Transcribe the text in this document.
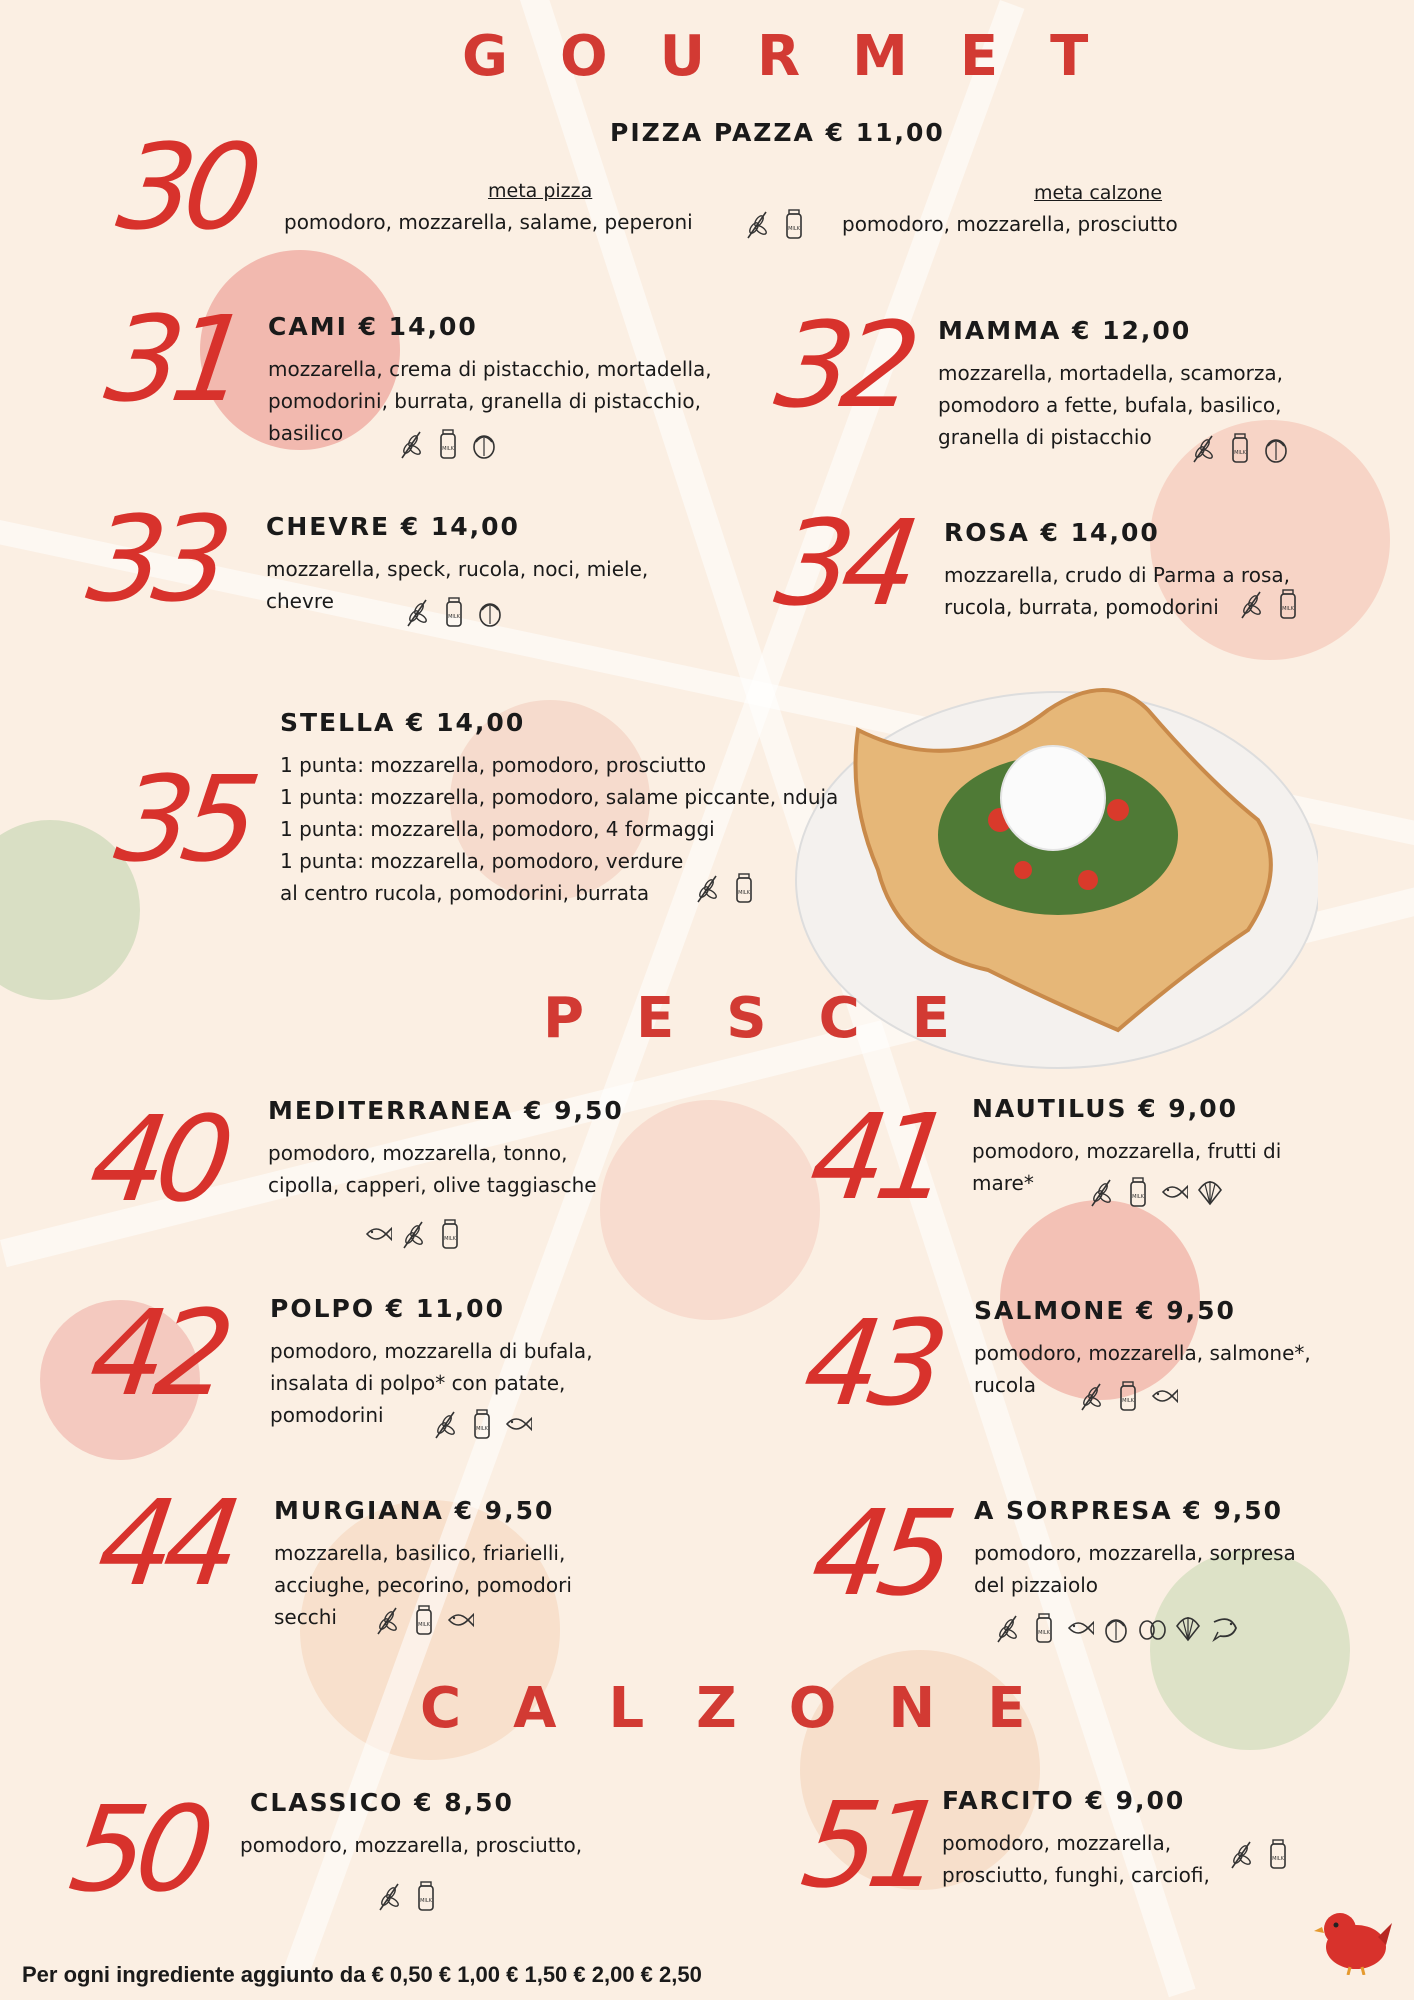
GOURMET
PESCE
CALZONE
30	PIZZA PAZZA € 11,00
meta pizza
pomodoro, mozzarella, salame, peperoni	MILK
meta calzone
pomodoro, mozzarella, prosciutto
31 CAMI € 14,00
mozzarella, crema di pistacchio, mortadella,
pomodorini, burrata, granella di pistacchio,
basilico
MILK
32 MAMMA € 12,00
mozzarella, mortadella, scamorza,
pomodoro a fette, bufala, basilico,
granella di pistacchio
MILK
33 CHEVRE € 14,00
mozzarella, speck, rucola, noci, miele,
chevre
MILK	34 ROSA € 14,00
mozzarella, crudo di Parma a rosa,
rucola, burrata, pomodorini	MILK
35
STELLA € 14,00
1 punta: mozzarella, pomodoro, prosciutto
1 punta: mozzarella, pomodoro, salame piccante, nduja
1 punta: mozzarella, pomodoro, 4 formaggi
1 punta: mozzarella, pomodoro, verdure
al centro rucola, pomodorini, burrata	MILK
40 MEDITERRANEA € 9,50
pomodoro, mozzarella, tonno,
cipolla, capperi, olive taggiasche
MILK
41 NAUTILUS € 9,00
pomodoro, mozzarella, frutti di
mare*
MILK
42 POLPO € 11,00
pomodoro, mozzarella di bufala,
insalata di polpo* con patate,
pomodorini
MILK	43 SALMONE € 9,50
pomodoro, mozzarella, salmone*,
rucola
MILK
44 MURGIANA € 9,50
mozzarella, basilico, friarielli,
acciughe, pecorino, pomodori
secchi	MILK
45 A SORPRESA € 9,50
pomodoro, mozzarella, sorpresa
del pizzaiolo
MILK
50	CLASSICO € 8,50
pomodoro, mozzarella, prosciutto,
MILK	51
FARCITO € 9,00
pomodoro, mozzarella,
prosciutto, funghi, carciofi,
MILK
Per ogni ingrediente aggiunto da € 0,50 € 1,00 € 1,50 € 2,00 € 2,50
